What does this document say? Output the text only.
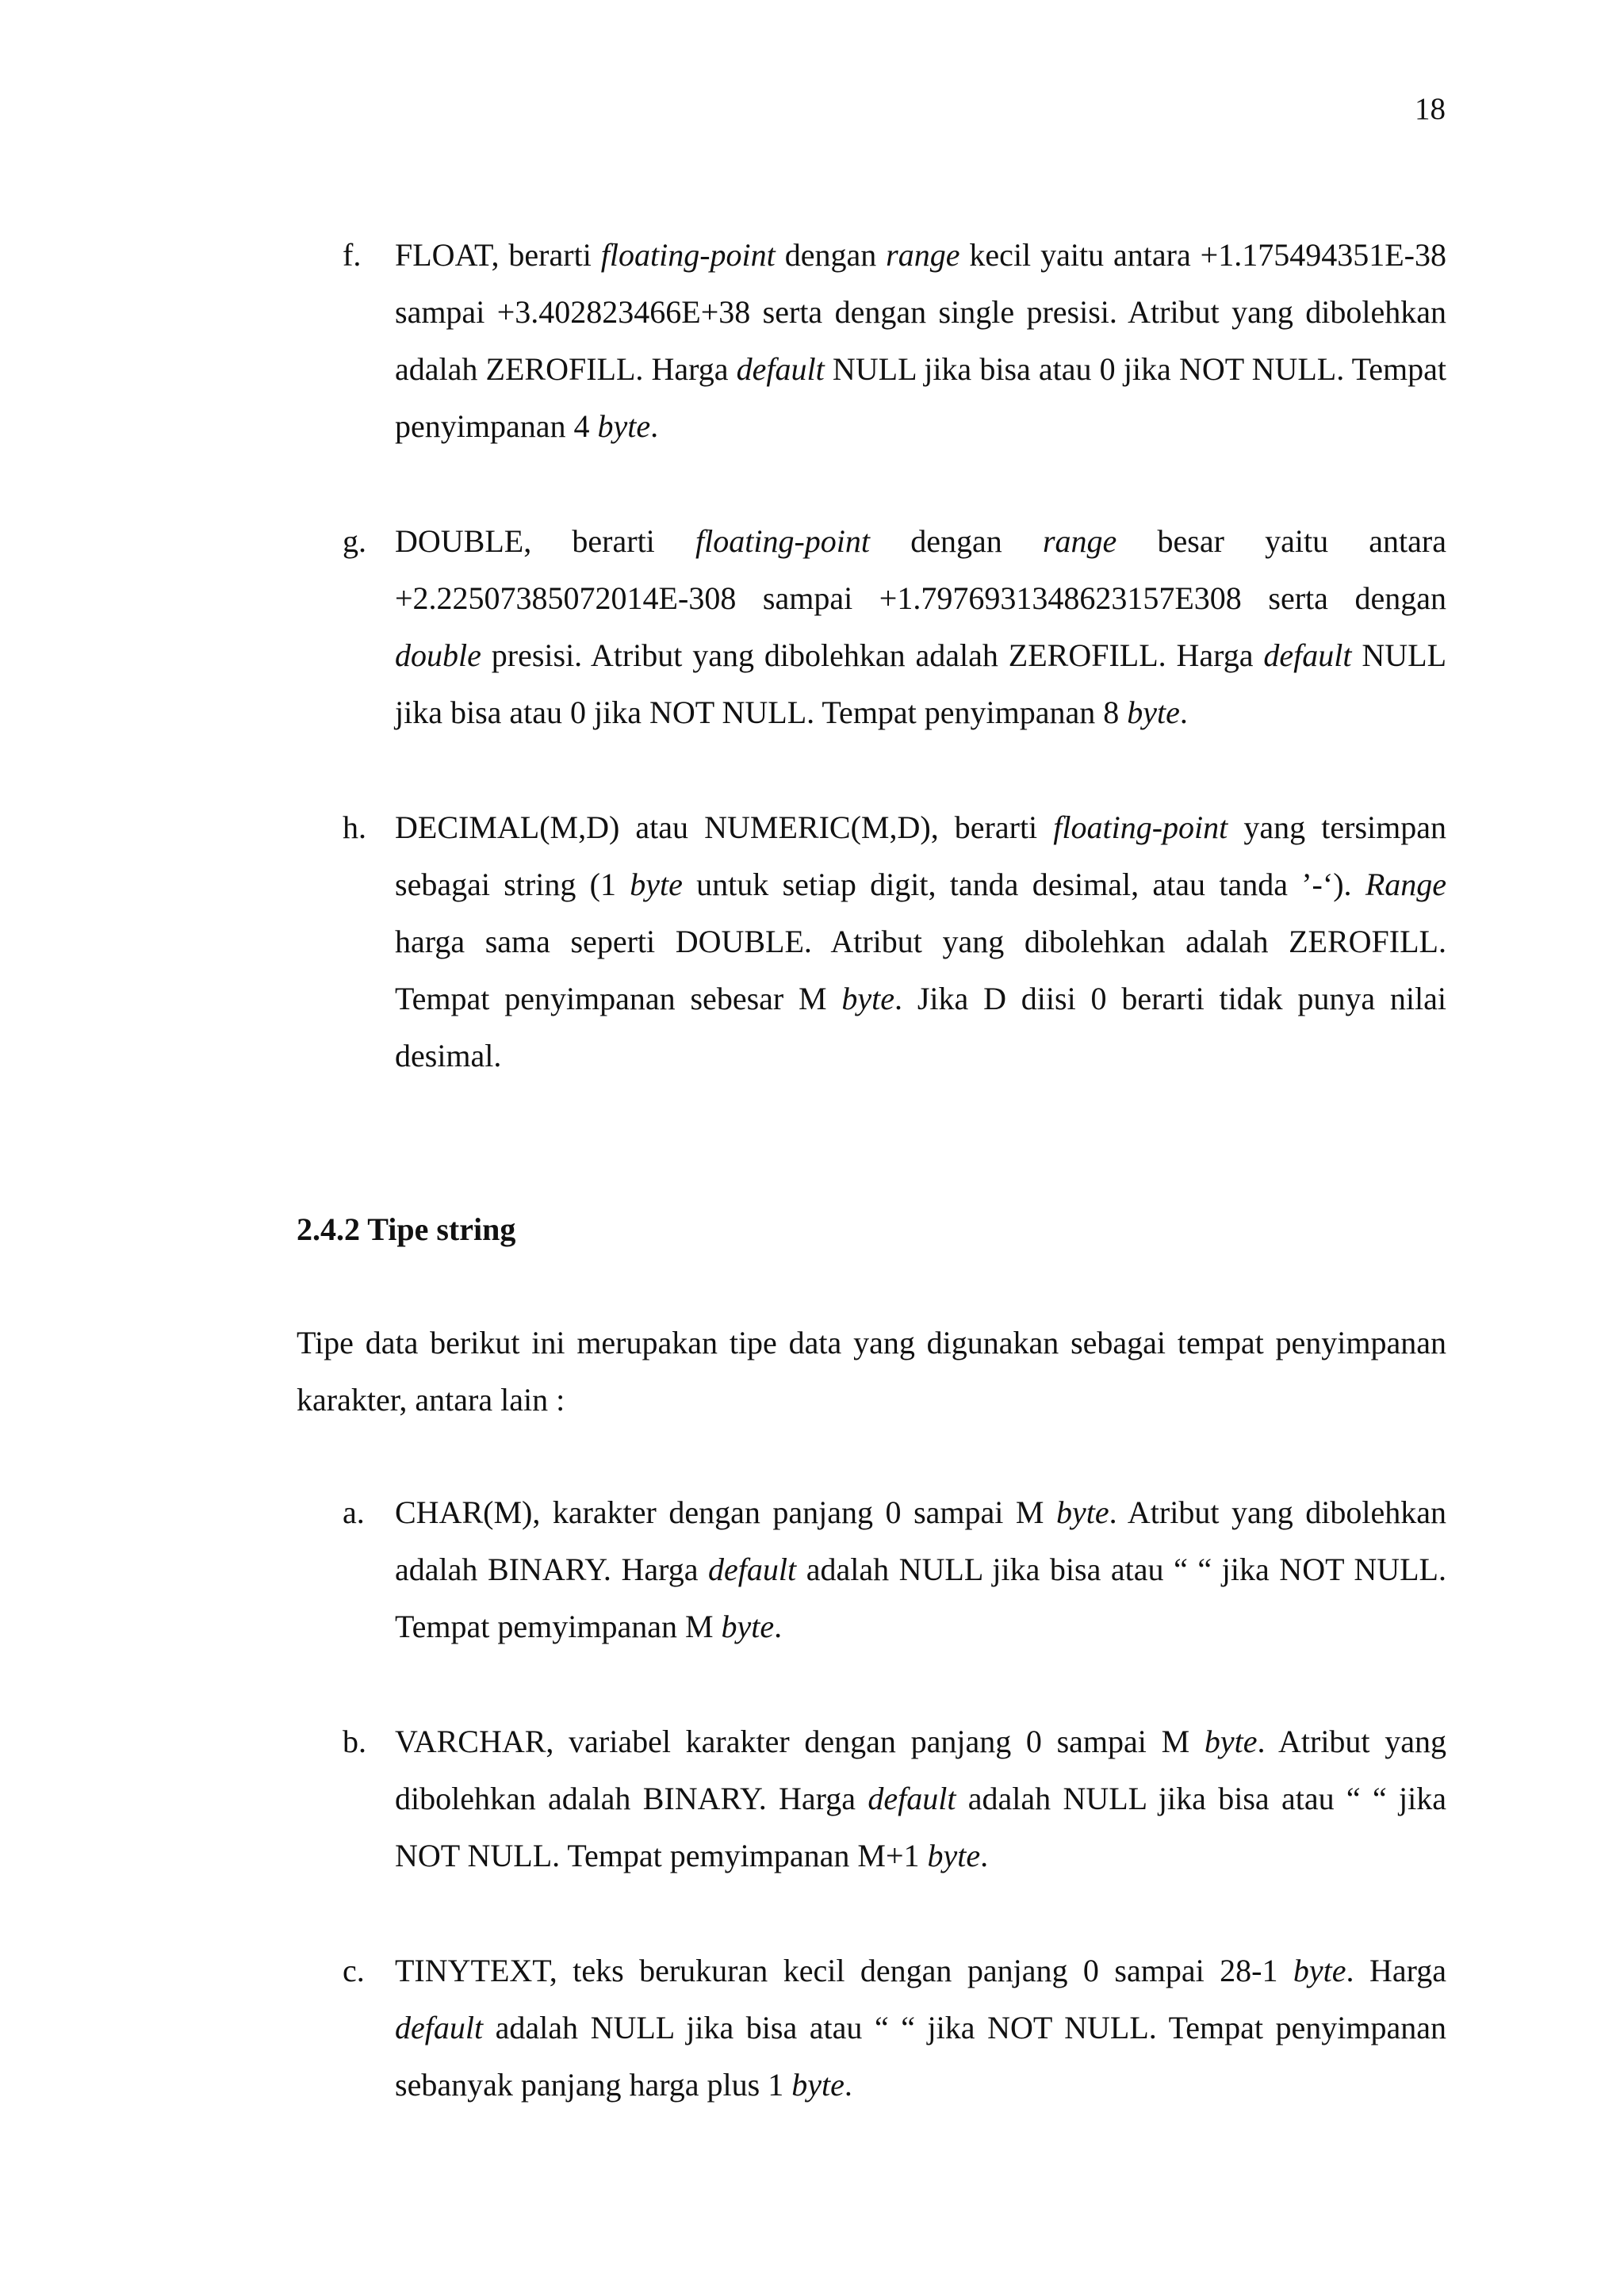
18
f. FLOAT, berarti floating-point dengan range kecil yaitu antara +1.175494351E-38 sampai +3.402823466E+38 serta dengan single presisi. Atribut yang dibolehkan adalah ZEROFILL. Harga default NULL jika bisa atau 0 jika NOT NULL. Tempat penyimpanan 4 byte.
g. DOUBLE, berarti floating-point dengan range besar yaitu antara +2.22507385072014E-308 sampai +1.7976931348623157E308 serta dengan double presisi. Atribut yang dibolehkan adalah ZEROFILL. Harga default NULL jika bisa atau 0 jika NOT NULL. Tempat penyimpanan 8 byte.
h. DECIMAL(M,D) atau NUMERIC(M,D), berarti floating-point yang tersimpan sebagai string (1 byte untuk setiap digit, tanda desimal, atau tanda ’-‘). Range harga sama seperti DOUBLE. Atribut yang dibolehkan adalah ZEROFILL. Tempat penyimpanan sebesar M byte. Jika D diisi 0 berarti tidak punya nilai desimal.
2.4.2 Tipe string
Tipe data berikut ini merupakan tipe data yang digunakan sebagai tempat penyimpanan karakter, antara lain :
a. CHAR(M), karakter dengan panjang 0 sampai M byte. Atribut yang dibolehkan adalah BINARY. Harga default adalah NULL jika bisa atau “ “ jika NOT NULL. Tempat pemyimpanan M byte.
b. VARCHAR, variabel karakter dengan panjang 0 sampai M byte. Atribut yang dibolehkan adalah BINARY. Harga default adalah NULL jika bisa atau “ “ jika NOT NULL. Tempat pemyimpanan M+1 byte.
c. TINYTEXT, teks berukuran kecil dengan panjang 0 sampai 28-1 byte. Harga default adalah NULL jika bisa atau “ “ jika NOT NULL. Tempat penyimpanan sebanyak panjang harga plus 1 byte.
